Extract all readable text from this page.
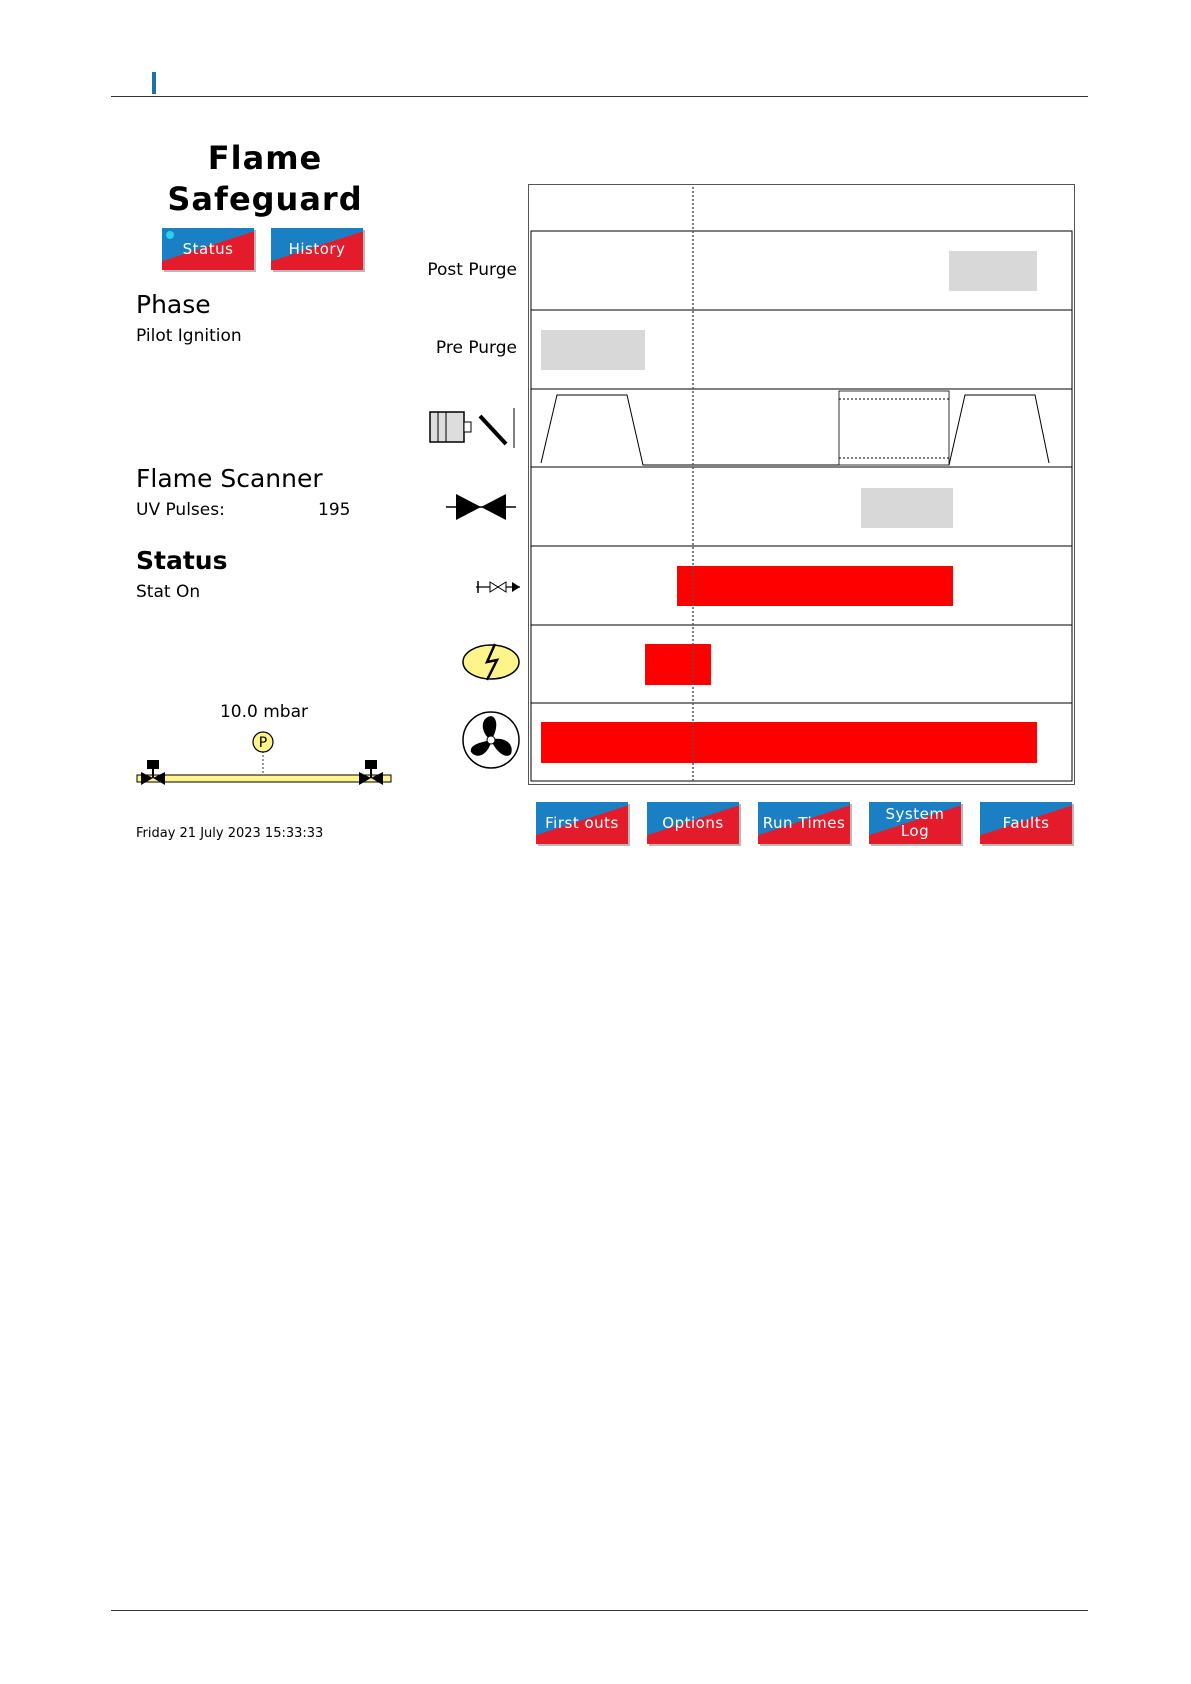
Flame
Safeguard
Status	History
Phase
Pilot Ignition
Flame Scanner
UV Pulses:	195
Status
Stat On
10.0 mbar
P
Friday 21 July 2023 15:33:33
Post Purge
Pre Purge
First outs	Options	Run Times	System
Log	Faults
